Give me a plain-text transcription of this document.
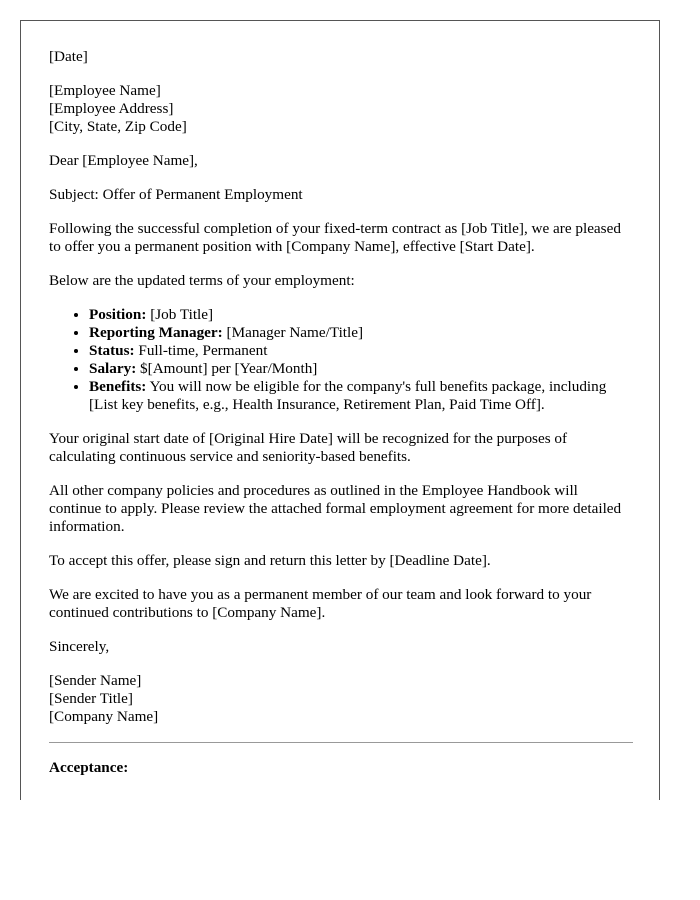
[Date]

[Employee Name]
[Employee Address]
[City, State, Zip Code]

Dear [Employee Name],

Subject: Offer of Permanent Employment

Following the successful completion of your fixed-term contract as [Job Title], we are pleased to offer you a permanent position with [Company Name], effective [Start Date].

Below are the updated terms of your employment:

• Position: [Job Title]
• Reporting Manager: [Manager Name/Title]
• Status: Full-time, Permanent
• Salary: $[Amount] per [Year/Month]
• Benefits: You will now be eligible for the company's full benefits package, including [List key benefits, e.g., Health Insurance, Retirement Plan, Paid Time Off].

Your original start date of [Original Hire Date] will be recognized for the purposes of calculating continuous service and seniority-based benefits.

All other company policies and procedures as outlined in the Employee Handbook will continue to apply. Please review the attached formal employment agreement for more detailed information.

To accept this offer, please sign and return this letter by [Deadline Date].

We are excited to have you as a permanent member of our team and look forward to your continued contributions to [Company Name].

Sincerely,

[Sender Name]
[Sender Title]
[Company Name]

Acceptance:
